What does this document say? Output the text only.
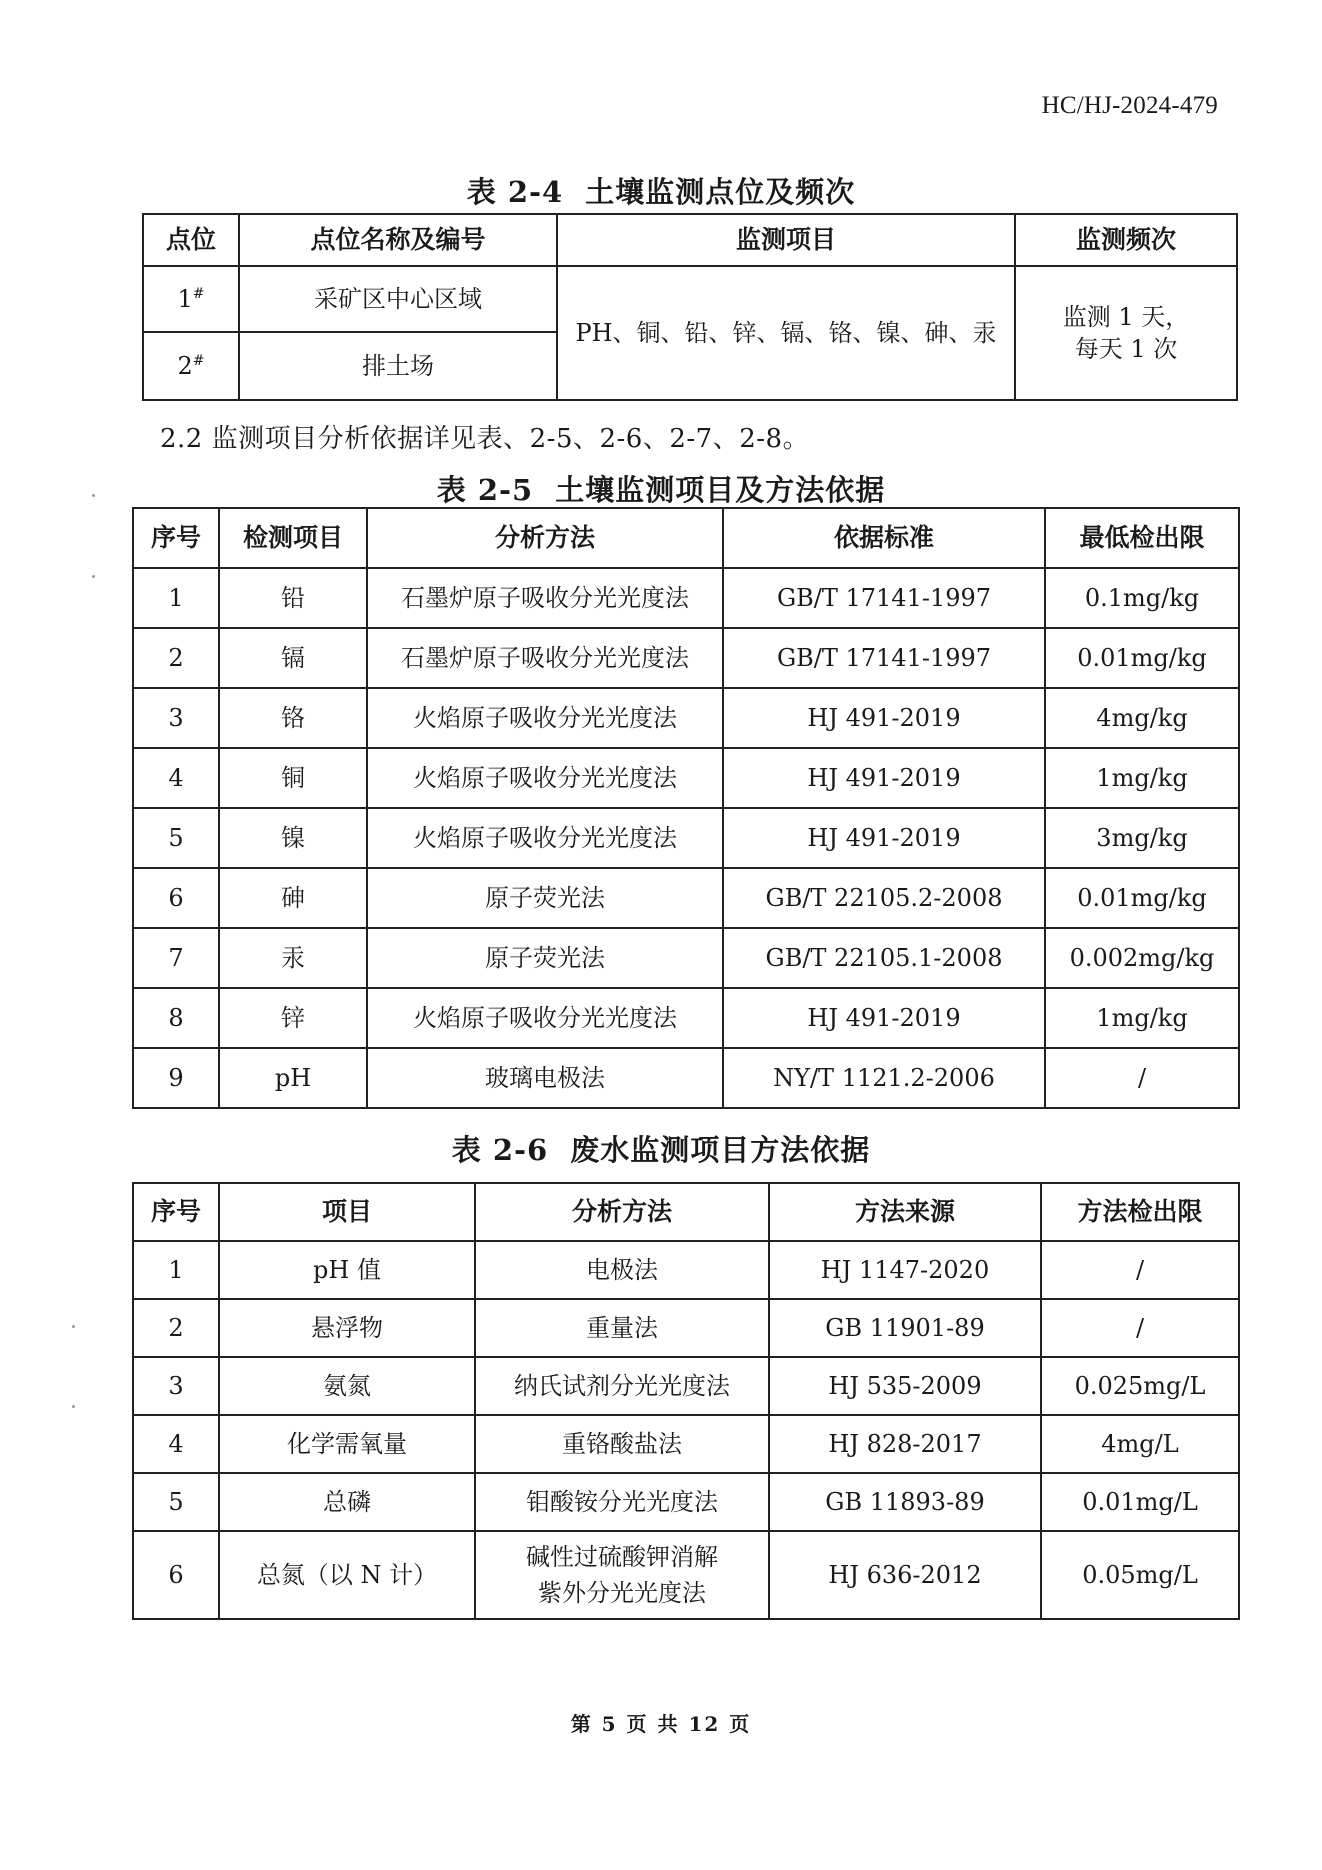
HC/HJ-2024-479
表 2-4 土壤监测点位及频次
点位	点位名称及编号	监测项目	监测频次
1#	采矿区中心区域	PH、铜、铅、锌、镉、铬、镍、砷、汞	监测 1 天，每天 1 次
2#	排土场		
2.2 监测项目分析依据详见表、2-5、2-6、2-7、2-8。
表 2-5 土壤监测项目及方法依据
序号	检测项目	分析方法	依据标准	最低检出限
1	铅	石墨炉原子吸收分光光度法	GB/T 17141-1997	0.1mg/kg
2	镉	石墨炉原子吸收分光光度法	GB/T 17141-1997	0.01mg/kg
3	铬	火焰原子吸收分光光度法	HJ 491-2019	4mg/kg
4	铜	火焰原子吸收分光光度法	HJ 491-2019	1mg/kg
5	镍	火焰原子吸收分光光度法	HJ 491-2019	3mg/kg
6	砷	原子荧光法	GB/T 22105.2-2008	0.01mg/kg
7	汞	原子荧光法	GB/T 22105.1-2008	0.002mg/kg
8	锌	火焰原子吸收分光光度法	HJ 491-2019	1mg/kg
9	pH	玻璃电极法	NY/T 1121.2-2006	/
表 2-6 废水监测项目方法依据
序号	项目	分析方法	方法来源	方法检出限
1	pH 值	电极法	HJ 1147-2020	/
2	悬浮物	重量法	GB 11901-89	/
3	氨氮	纳氏试剂分光光度法	HJ 535-2009	0.025mg/L
4	化学需氧量	重铬酸盐法	HJ 828-2017	4mg/L
5	总磷	钼酸铵分光光度法	GB 11893-89	0.01mg/L
6	总氮（以 N 计）	碱性过硫酸钾消解紫外分光光度法	HJ 636-2012	0.05mg/L
第 5 页 共 12 页
